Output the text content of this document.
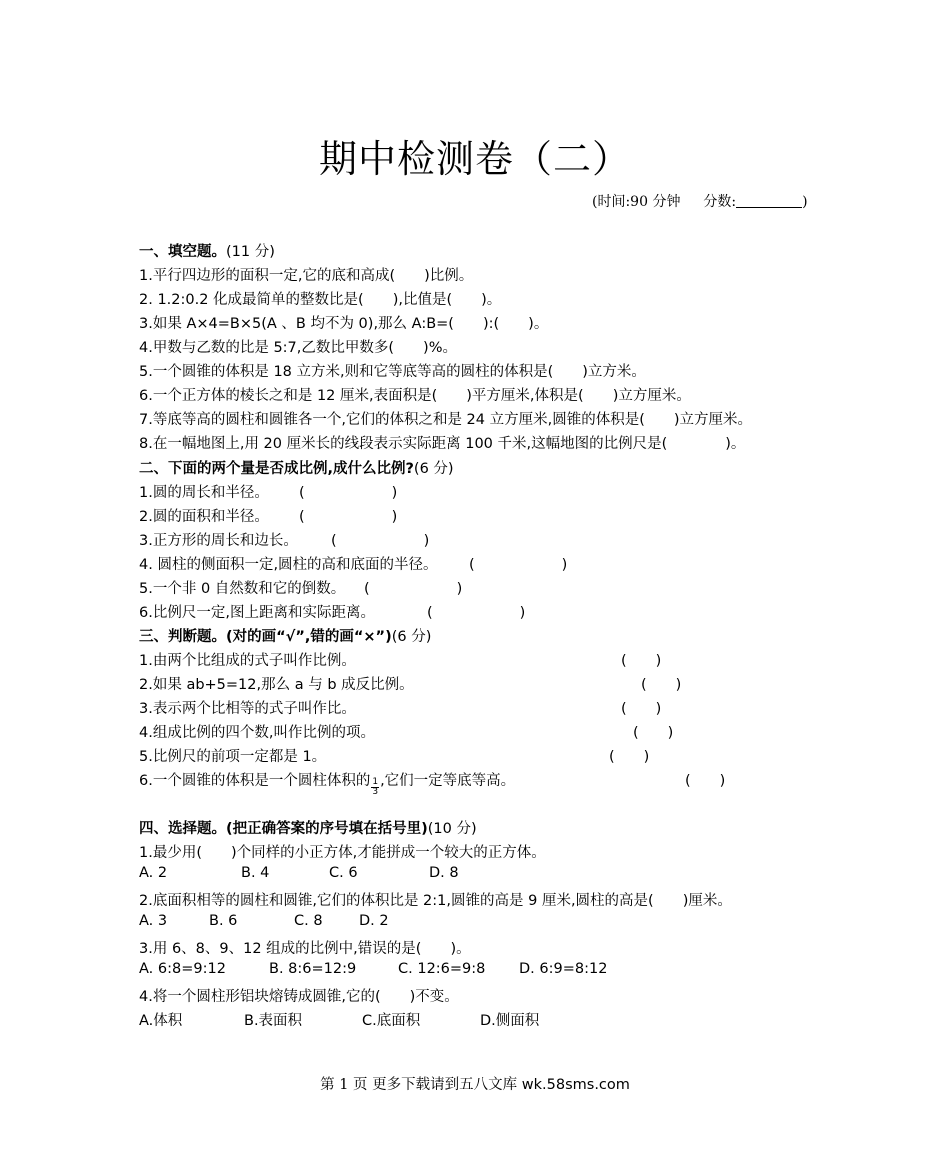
期中检测卷（二）
(时间:90 分钟 分数:	)
一、填空题。(11 分)
1.平行四边形的面积一定,它的底和高成(　　)比例。
2. 1.2:0.2 化成最简单的整数比是(　　),比值是(　　)。
3.如果 A×4=B×5(A 、B 均不为 0),那么 A:B=(　　):(　　)。
4.甲数与乙数的比是 5:7,乙数比甲数多(　　)%。
5.一个圆锥的体积是 18 立方米,则和它等底等高的圆柱的体积是(　　)立方米。
6.一个正方体的棱长之和是 12 厘米,表面积是(　　)平方厘米,体积是(　　)立方厘米。
7.等底等高的圆柱和圆锥各一个,它们的体积之和是 24 立方厘米,圆锥的体积是(　　)立方厘米。
8.在一幅地图上,用 20 厘米长的线段表示实际距离 100 千米,这幅地图的比例尺是(　　　　)。
二、下面的两个量是否成比例,成什么比例?(6 分)
1.圆的周长和半径。 (　　　　　　)
2.圆的面积和半径。 (　　　　　　)
3.正方形的周长和边长。 (　　　　　　)
4. 圆柱的侧面积一定,圆柱的高和底面的半径。 (　　　　　　)
5.一个非 0 自然数和它的倒数。 (　　　　　　)
6.比例尺一定,图上距离和实际距离。	(　　　　　　)
三、判断题。(对的画“√”,错的画“×”)(6 分)
1.由两个比组成的式子叫作比例。	(　　)
2.如果 ab+5=12,那么 a 与 b 成反比例。	(　　)
3.表示两个比相等的式子叫作比。	(　　)
4.组成比例的四个数,叫作比例的项。	(　　)
5.比例尺的前项一定都是 1。	(　　)
6.一个圆锥的体积是一个圆柱体积的 $\frac{1}{3}$ ,它们一定等底等高。	(　　)
四、选择题。(把正确答案的序号填在括号里)(10 分)
1.最少用(　　)个同样的小正方体,才能拼成一个较大的正方体。
A. 2	B. 4	C. 6	D. 8
2.底面积相等的圆柱和圆锥,它们的体积比是 2:1,圆锥的高是 9 厘米,圆柱的高是(　　)厘米。
A. 3	B. 6	C. 8	D. 2
3.用 6、8、9、12 组成的比例中,错误的是(　　)。
A. 6:8=9:12	B. 8:6=12:9	C. 12:6=9:8 D. 6:9=8:12
4.将一个圆柱形铝块熔铸成圆锥,它的(　　)不变。
A.体积	B.表面积	C.底面积	D.侧面积
第 1 页 更多下载请到五八文库 wk.58sms.com
